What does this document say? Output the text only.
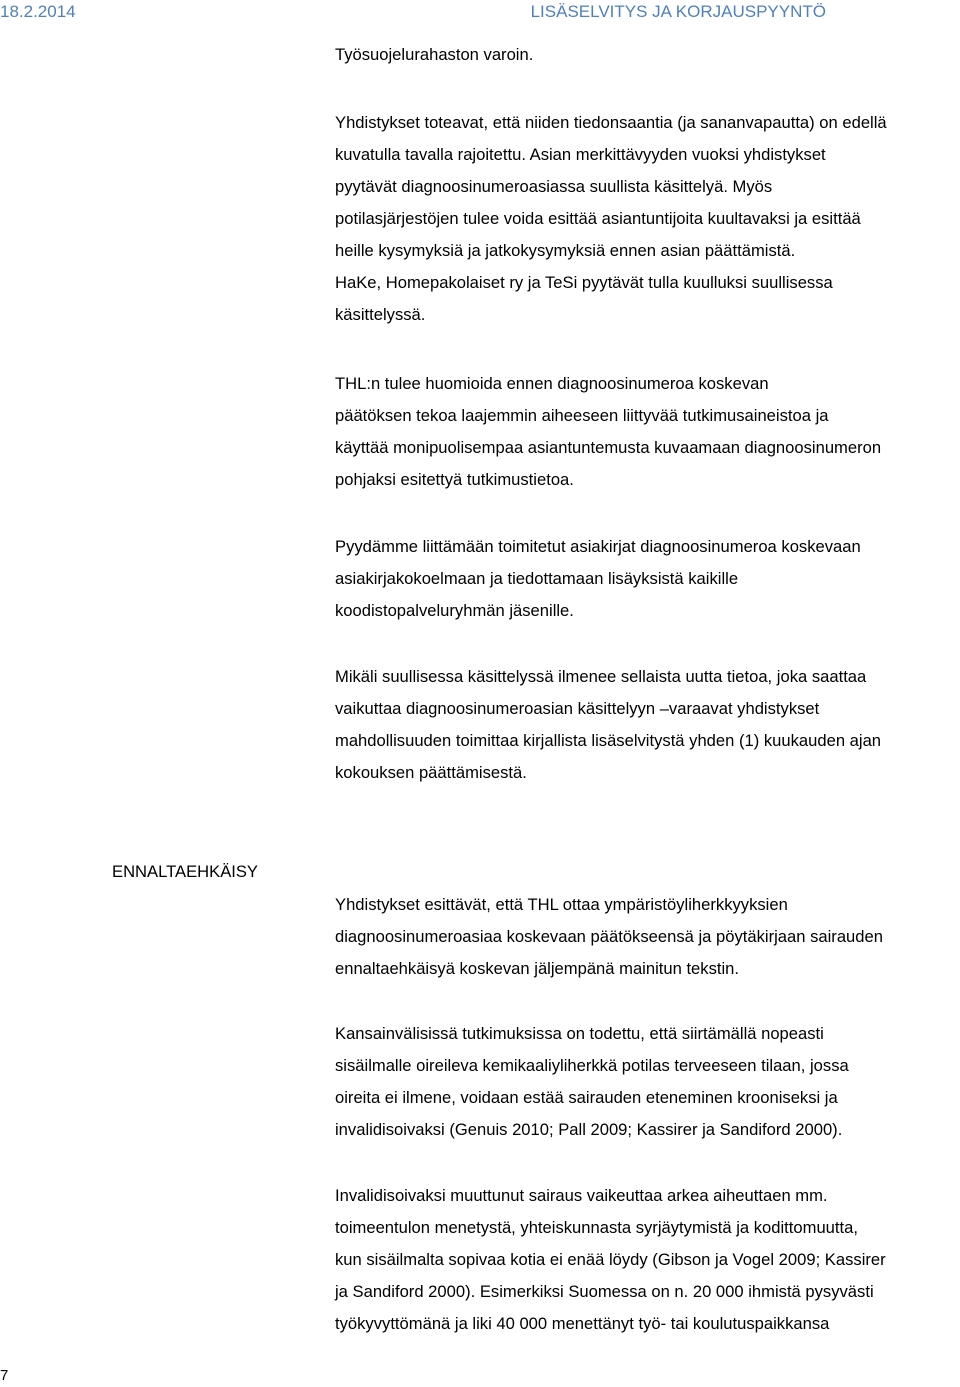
18.2.2014	LISÄSELVITYS JA KORJAUSPYYNTÖ
Työsuojelurahaston varoin.
Yhdistykset toteavat, että niiden tiedonsaantia (ja sananvapautta) on edellä
kuvatulla tavalla rajoitettu. Asian merkittävyyden vuoksi yhdistykset
pyytävät diagnoosinumeroasiassa suullista käsittelyä. Myös
potilasjärjestöjen tulee voida esittää asiantuntijoita kuultavaksi ja esittää
heille kysymyksiä ja jatkokysymyksiä ennen asian päättämistä.
HaKe, Homepakolaiset ry ja TeSi pyytävät tulla kuulluksi suullisessa
käsittelyssä.
THL:n tulee huomioida ennen diagnoosinumeroa koskevan
päätöksen tekoa laajemmin aiheeseen liittyvää tutkimusaineistoa ja
käyttää monipuolisempaa asiantuntemusta kuvaamaan diagnoosinumeron
pohjaksi esitettyä tutkimustietoa.
Pyydämme liittämään toimitetut asiakirjat diagnoosinumeroa koskevaan
asiakirjakokoelmaan ja tiedottamaan lisäyksistä kaikille
koodistopalveluryhmän jäsenille.
Mikäli suullisessa käsittelyssä ilmenee sellaista uutta tietoa, joka saattaa
vaikuttaa diagnoosinumeroasian käsittelyyn –varaavat yhdistykset
mahdollisuuden toimittaa kirjallista lisäselvitystä yhden (1) kuukauden ajan
kokouksen päättämisestä.
ENNALTAEHKÄISY
Yhdistykset esittävät, että THL ottaa ympäristöyliherkkyyksien
diagnoosinumeroasiaa koskevaan päätökseensä ja pöytäkirjaan sairauden
ennaltaehkäisyä koskevan jäljempänä mainitun tekstin.
Kansainvälisissä tutkimuksissa on todettu, että siirtämällä nopeasti
sisäilmalle oireileva kemikaaliyliherkkä potilas terveeseen tilaan, jossa
oireita ei ilmene, voidaan estää sairauden eteneminen krooniseksi ja
invalidisoivaksi (Genuis 2010; Pall 2009; Kassirer ja Sandiford 2000).
Invalidisoivaksi muuttunut sairaus vaikeuttaa arkea aiheuttaen mm.
toimeentulon menetystä, yhteiskunnasta syrjäytymistä ja kodittomuutta,
kun sisäilmalta sopivaa kotia ei enää löydy (Gibson ja Vogel 2009; Kassirer
ja Sandiford 2000). Esimerkiksi Suomessa on n. 20 000 ihmistä pysyvästi
työkyvyttömänä ja liki 40 000 menettänyt työ- tai koulutuspaikkansa
7
